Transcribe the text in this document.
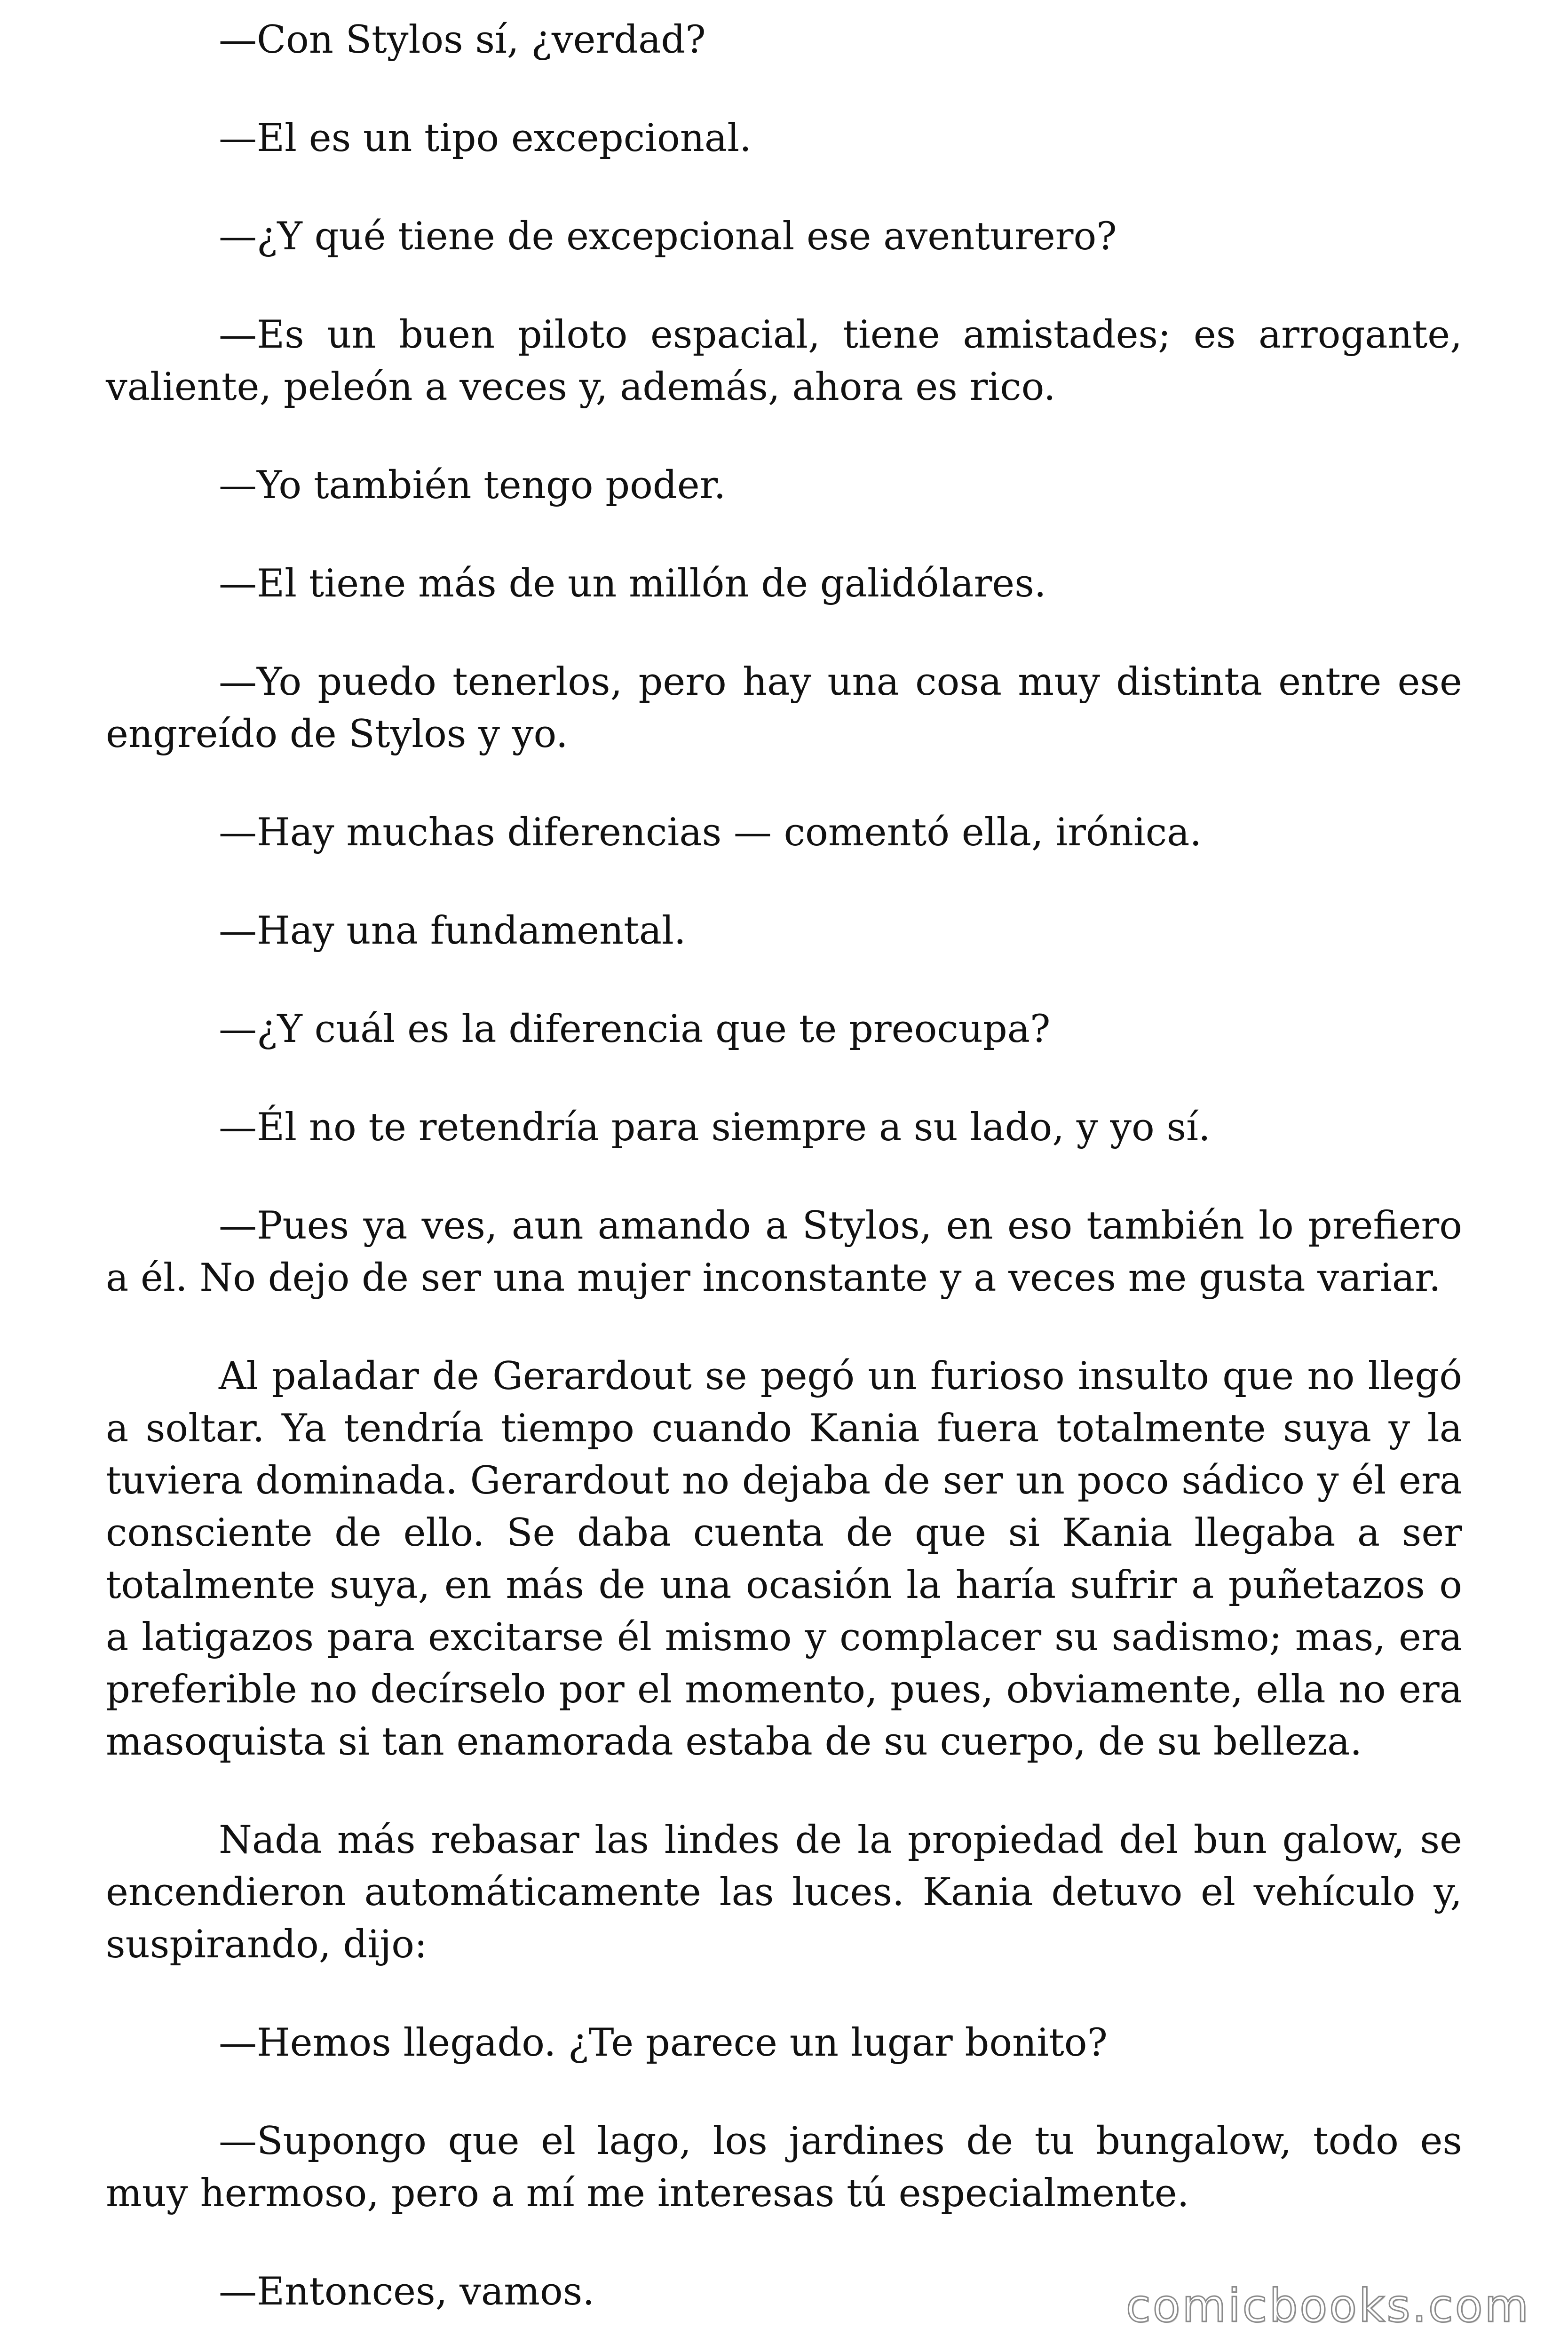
—Con Stylos sí, ¿verdad?

—El es un tipo excepcional.

—¿Y qué tiene de excepcional ese aventurero?

—Es un buen piloto espacial, tiene amistades; es arrogante, valiente, peleón a veces y, además, ahora es rico.

—Yo también tengo poder.

—El tiene más de un millón de galidólares.

—Yo puedo tenerlos, pero hay una cosa muy distinta entre ese engreído de Stylos y yo.

—Hay muchas diferencias — comentó ella, irónica.

—Hay una fundamental.

—¿Y cuál es la diferencia que te preocupa?

—Él no te retendría para siempre a su lado, y yo sí.

—Pues ya ves, aun amando a Stylos, en eso también lo prefiero a él. No dejo de ser una mujer inconstante y a veces me gusta variar.

Al paladar de Gerardout se pegó un furioso insulto que no llegó a soltar. Ya tendría tiempo cuando Kania fuera totalmente suya y la tuviera dominada. Gerardout no dejaba de ser un poco sádico y él era consciente de ello. Se daba cuenta de que si Kania llegaba a ser totalmente suya, en más de una ocasión la haría sufrir a puñetazos o a latigazos para excitarse él mismo y complacer su sadismo; mas, era preferible no decírselo por el momento, pues, obviamente, ella no era masoquista si tan enamorada estaba de su cuerpo, de su belleza.

Nada más rebasar las lindes de la propiedad del bun galow, se encendieron automáticamente las luces. Kania detuvo el vehículo y, suspirando, dijo:

—Hemos llegado. ¿Te parece un lugar bonito?

—Supongo que el lago, los jardines de tu bungalow, todo es muy hermoso, pero a mí me interesas tú especialmente.

—Entonces, vamos.	comicbooks.com
